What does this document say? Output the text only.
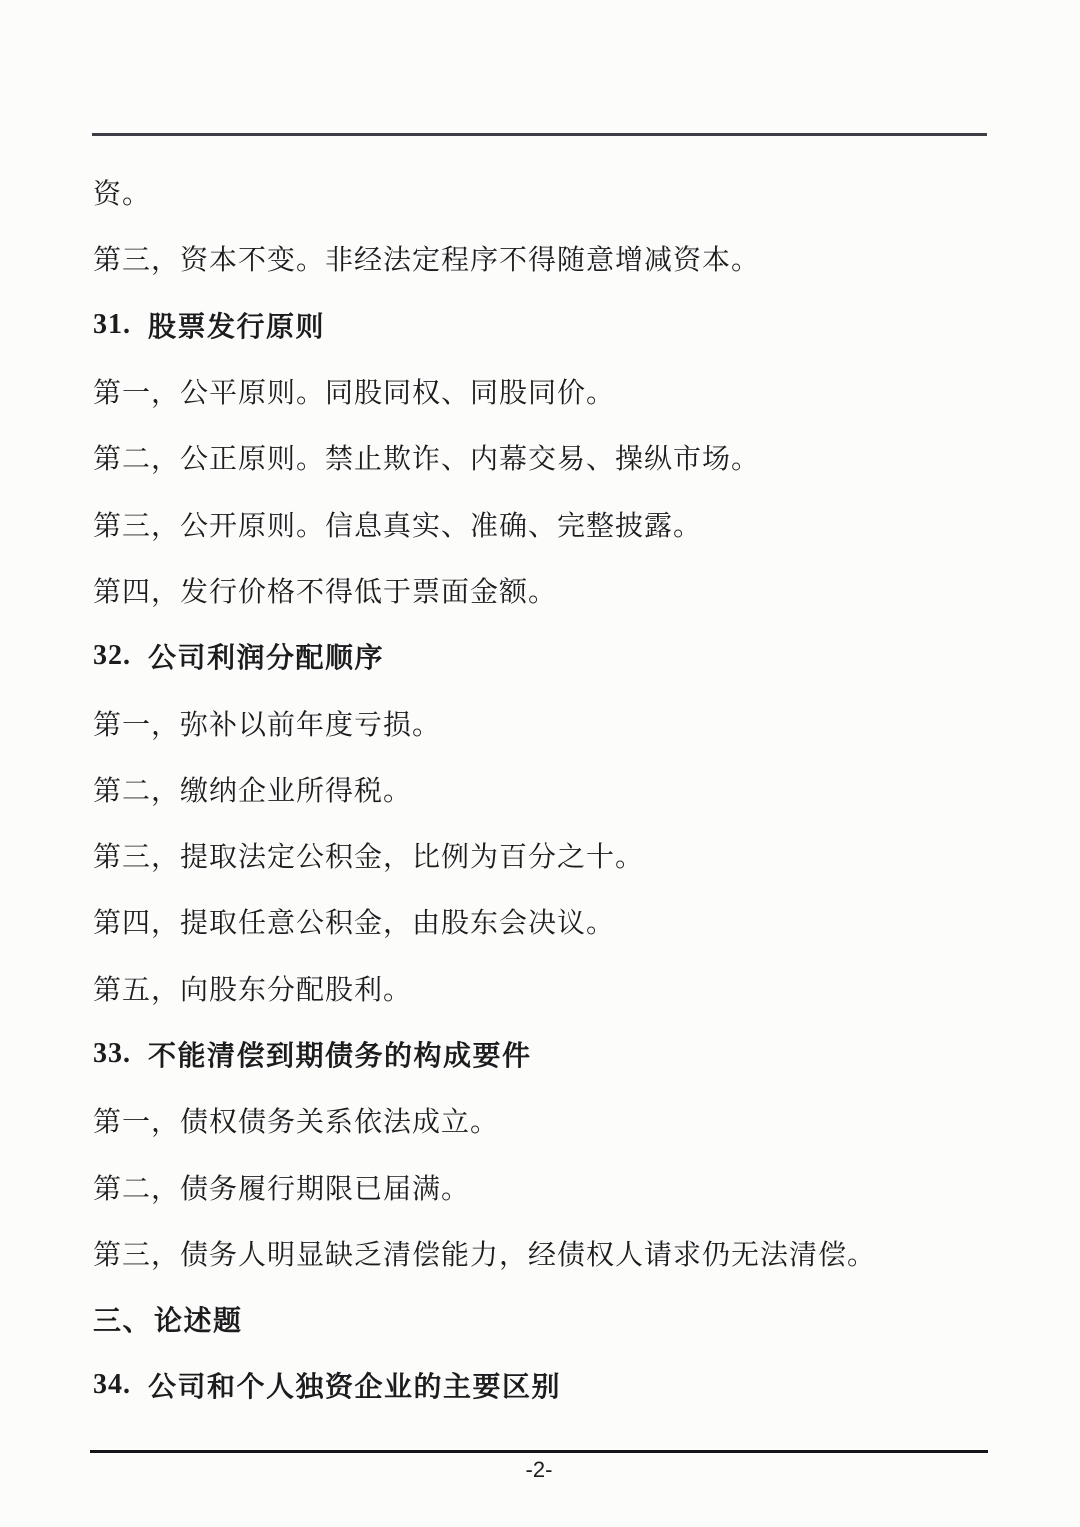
资。
第三，资本不变。非经法定程序不得随意增减资本。
31. 股票发行原则
第一，公平原则。同股同权、同股同价。
第二，公正原则。禁止欺诈、内幕交易、操纵市场。
第三，公开原则。信息真实、准确、完整披露。
第四，发行价格不得低于票面金额。
32. 公司利润分配顺序
第一，弥补以前年度亏损。
第二，缴纳企业所得税。
第三，提取法定公积金，比例为百分之十。
第四，提取任意公积金，由股东会决议。
第五，向股东分配股利。
33. 不能清偿到期债务的构成要件
第一，债权债务关系依法成立。
第二，债务履行期限已届满。
第三，债务人明显缺乏清偿能力，经债权人请求仍无法清偿。
三、 论述题
34. 公司和个人独资企业的主要区别
-2-
